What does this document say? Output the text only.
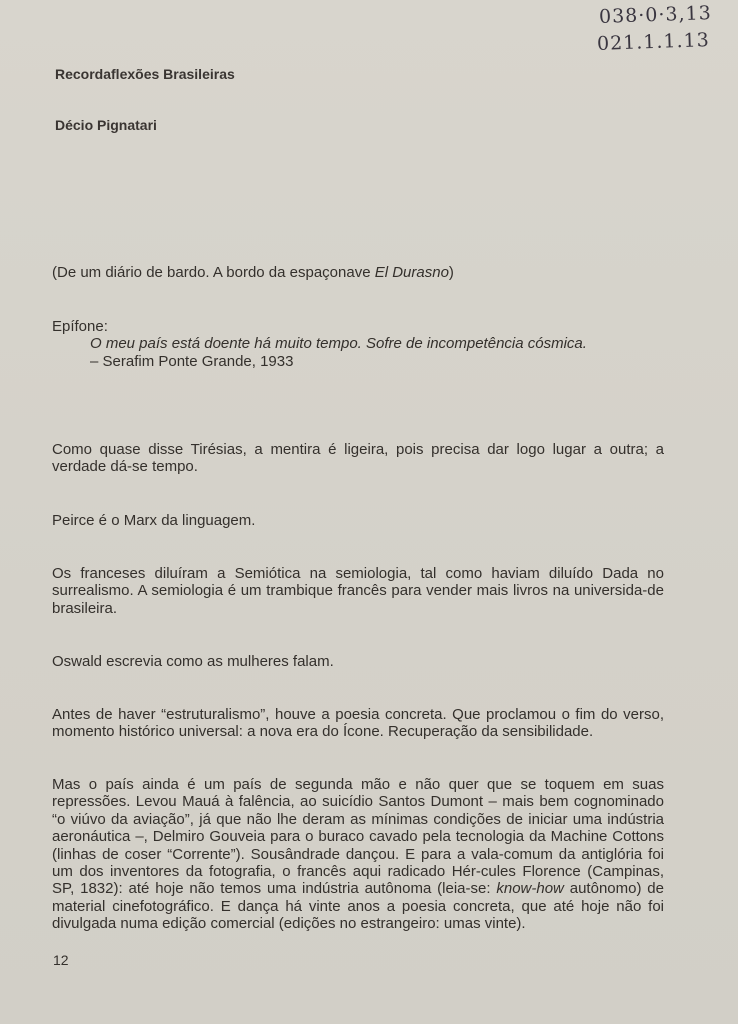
038·0·3,13
021.1.1.13
Recordaflexões Brasileiras
Décio Pignatari
(De um diário de bardo. A bordo da espaçonave El Durasno)
Epífone:
O meu país está doente há muito tempo. Sofre de incompetência cósmica.
– Serafim Ponte Grande, 1933
Como quase disse Tirésias, a mentira é ligeira, pois precisa dar logo lugar a outra; a verdade dá-se tempo.
Peirce é o Marx da linguagem.
Os franceses diluíram a Semiótica na semiologia, tal como haviam diluído Dada no surrealismo. A semiologia é um trambique francês para vender mais livros na universida-de brasileira.
Oswald escrevia como as mulheres falam.
Antes de haver “estruturalismo”, houve a poesia concreta. Que proclamou o fim do verso, momento histórico universal: a nova era do Ícone. Recuperação da sensibilidade.
Mas o país ainda é um país de segunda mão e não quer que se toquem em suas repressões. Levou Mauá à falência, ao suicídio Santos Dumont – mais bem cognominado “o viúvo da aviação”, já que não lhe deram as mínimas condições de iniciar uma indústria aeronáutica –, Delmiro Gouveia para o buraco cavado pela tecnologia da Machine Cottons (linhas de coser “Corrente”). Sousândrade dançou. E para a vala-comum da antiglória foi um dos inventores da fotografia, o francês aqui radicado Hér-cules Florence (Campinas, SP, 1832): até hoje não temos uma indústria autônoma (leia-se: know-how autônomo) de material cinefotográfico. E dança há vinte anos a poesia concreta, que até hoje não foi divulgada numa edição comercial (edições no estrangeiro: umas vinte).
12
